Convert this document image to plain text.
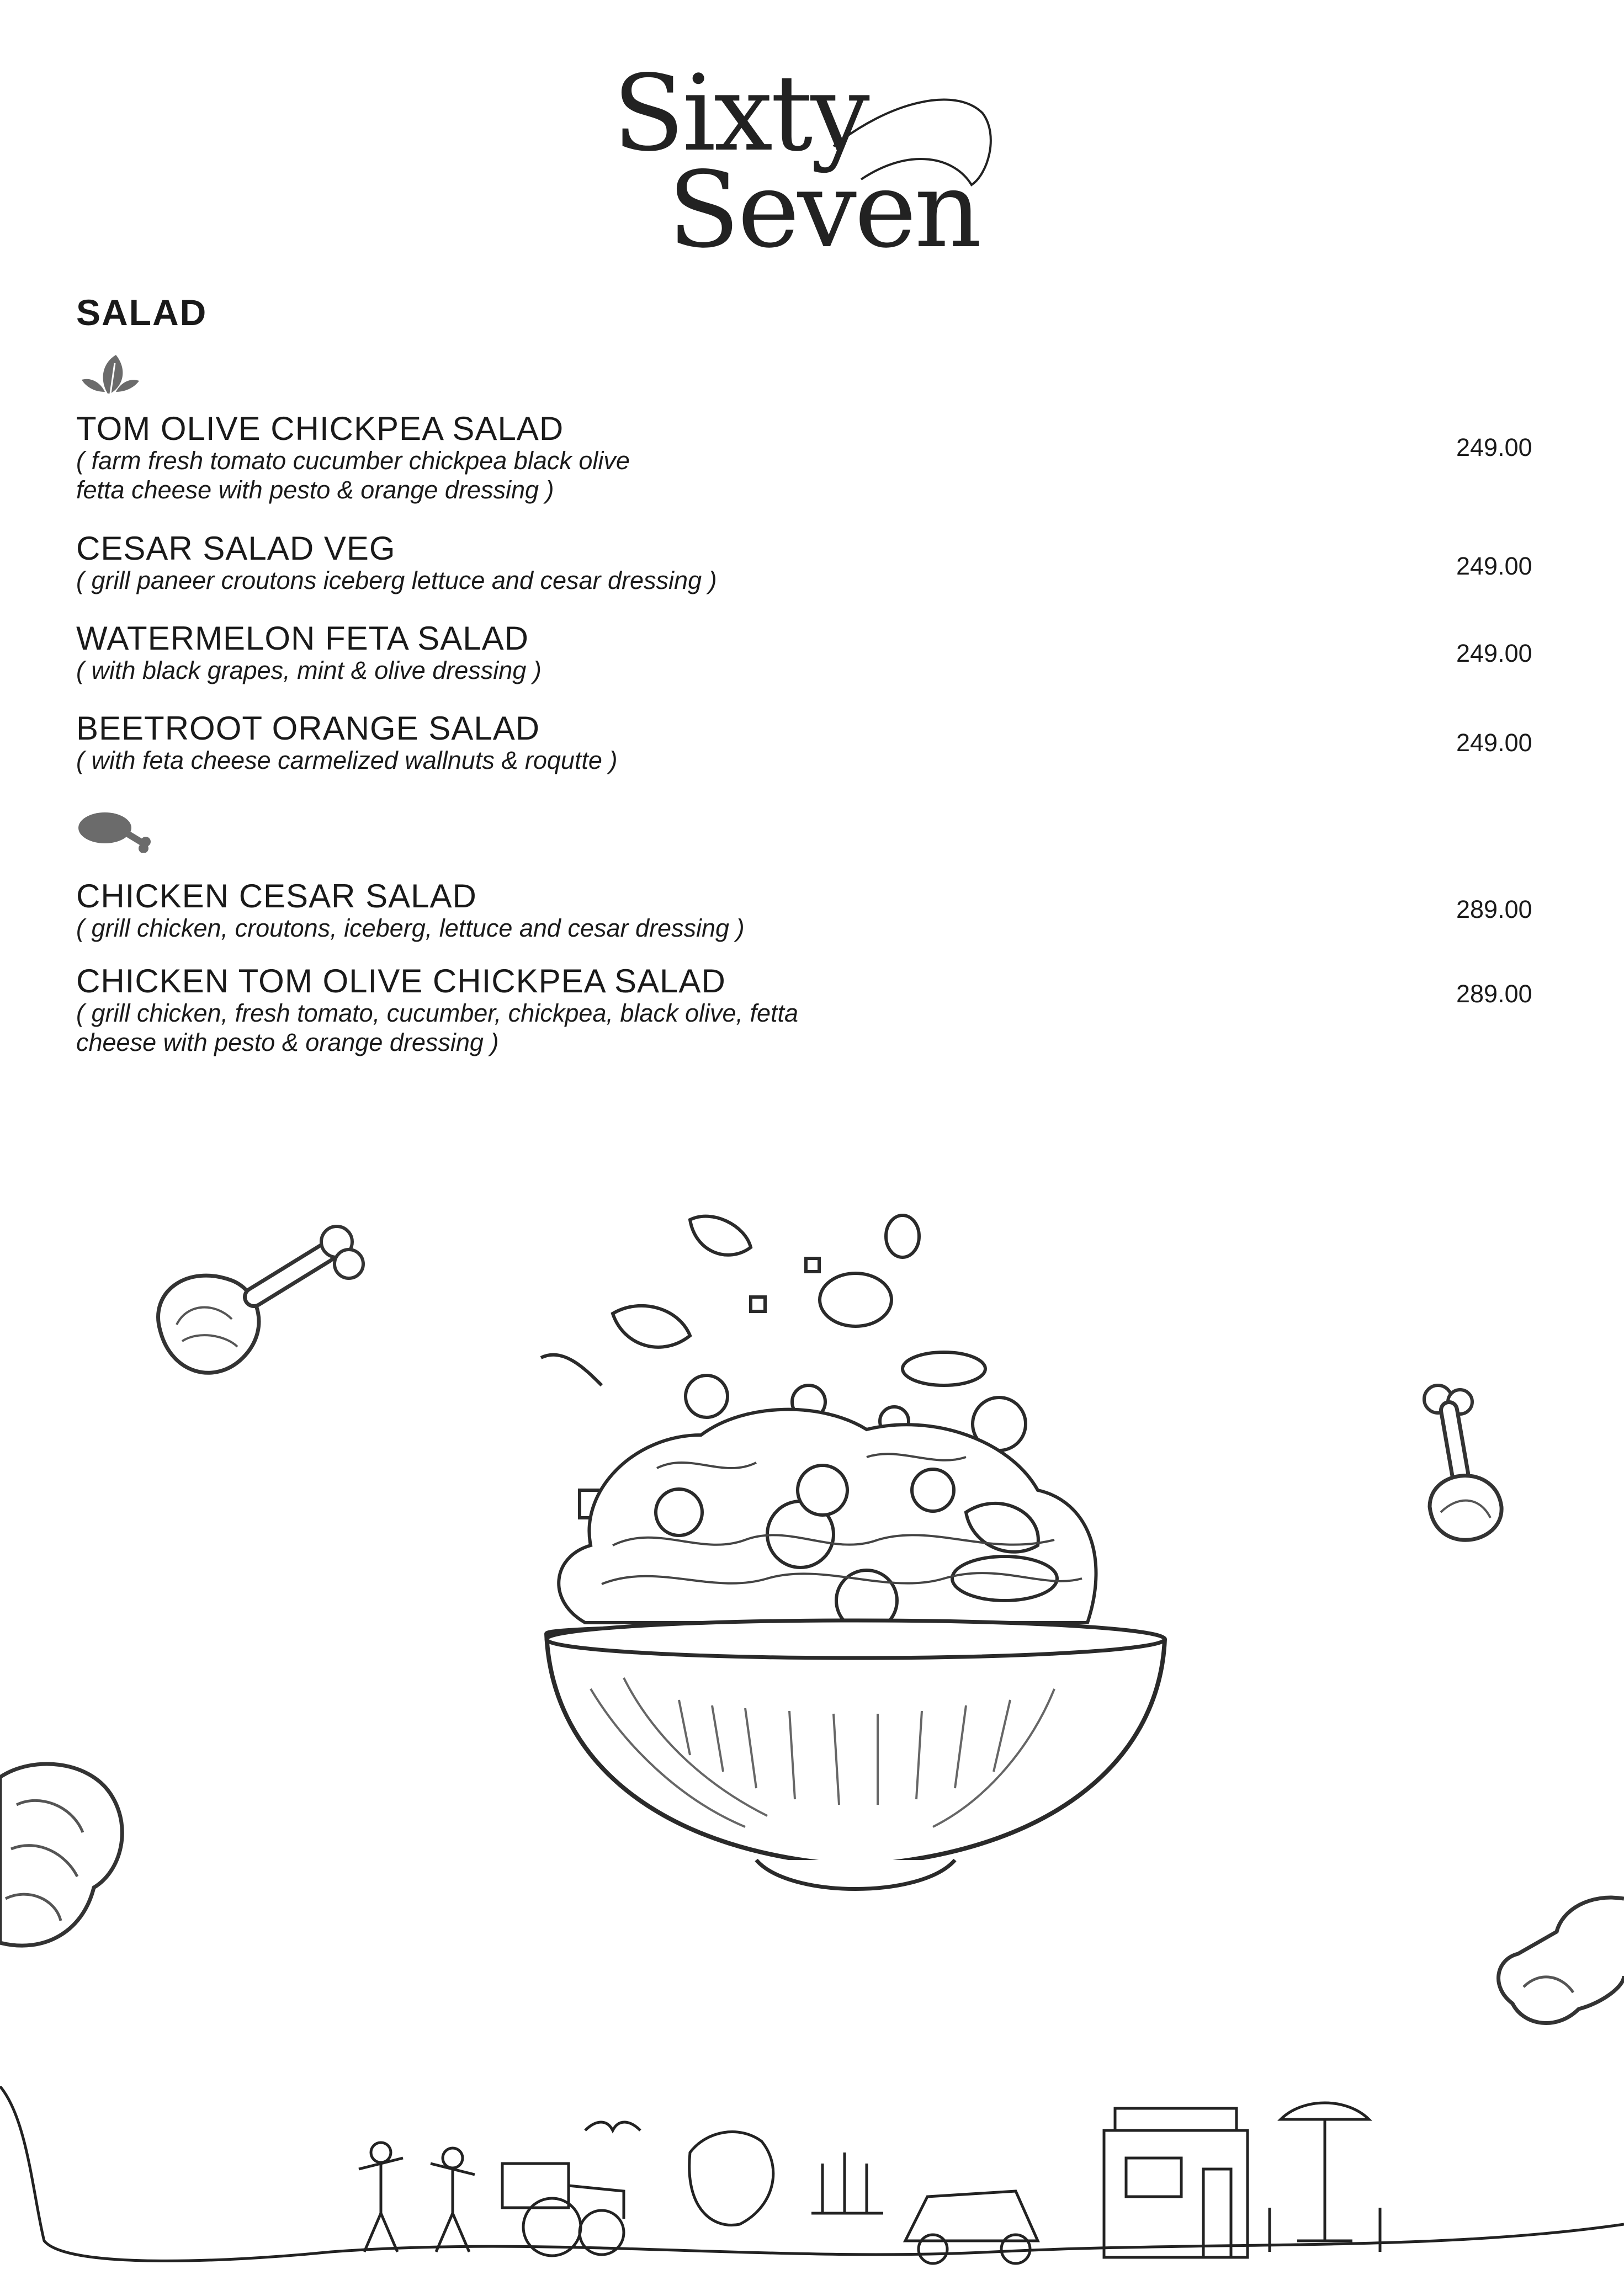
Sixty
Seven
SALAD
TOM OLIVE CHICKPEA SALAD
( farm fresh tomato cucumber chickpea black olive
fetta cheese with pesto & orange dressing )
249.00
CESAR SALAD VEG
( grill paneer croutons iceberg lettuce and cesar dressing )
249.00
WATERMELON FETA SALAD
( with black grapes, mint & olive dressing )
249.00
BEETROOT ORANGE SALAD
( with feta cheese carmelized wallnuts & roqutte )
249.00
CHICKEN CESAR SALAD
( grill chicken, croutons, iceberg, lettuce and cesar dressing )
289.00
CHICKEN TOM OLIVE CHICKPEA SALAD
( grill chicken, fresh tomato, cucumber, chickpea, black olive, fetta
cheese with pesto & orange dressing )
289.00
